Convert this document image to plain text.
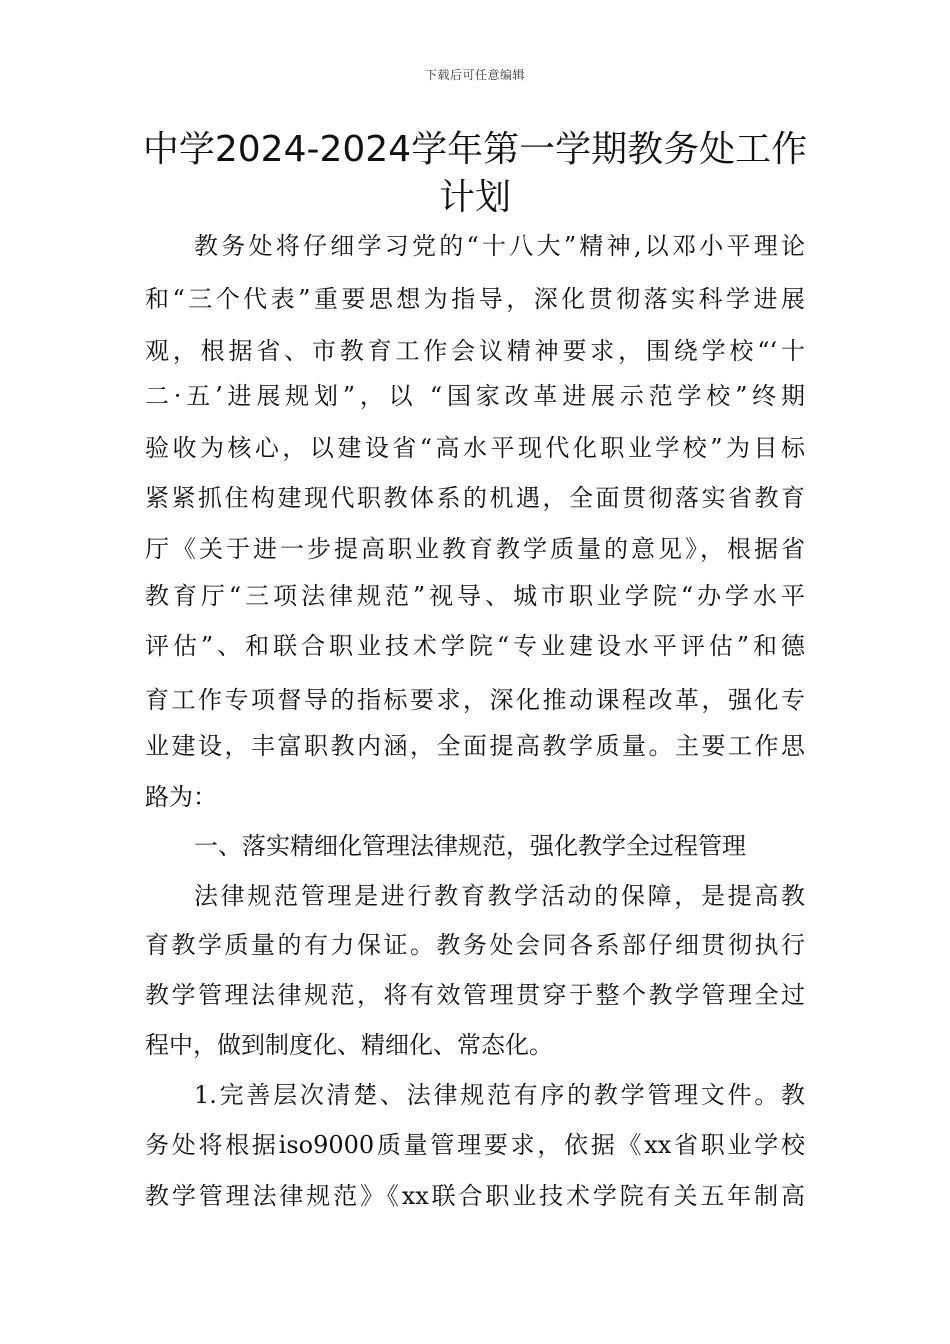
下载后可任意编辑
中学2024-2024学年第一学期教务处工作
计划
教务处将仔细学习党的“十八大”精神,以邓小平理论
和“三个代表”重要思想为指导，深化贯彻落实科学进展
观，根据省、市教育工作会议精神要求，围绕学校“‘十
二·五’进展规划”，以 “国家改革进展示范学校”终期
验收为核心，以建设省“高水平现代化职业学校”为目标
紧紧抓住构建现代职教体系的机遇，全面贯彻落实省教育
厅《关于进一步提高职业教育教学质量的意见》，根据省
教育厅“三项法律规范”视导、城市职业学院“办学水平
评估”、和联合职业技术学院“专业建设水平评估”和德
育工作专项督导的指标要求，深化推动课程改革，强化专
业建设，丰富职教内涵，全面提高教学质量。主要工作思
路为：
一、落实精细化管理法律规范，强化教学全过程管理
法律规范管理是进行教育教学活动的保障，是提高教
育教学质量的有力保证。教务处会同各系部仔细贯彻执行
教学管理法律规范，将有效管理贯穿于整个教学管理全过
程中，做到制度化、精细化、常态化。
1.完善层次清楚、法律规范有序的教学管理文件。教
务处将根据iso9000质量管理要求，依据《xx省职业学校
教学管理法律规范》《xx联合职业技术学院有关五年制高
